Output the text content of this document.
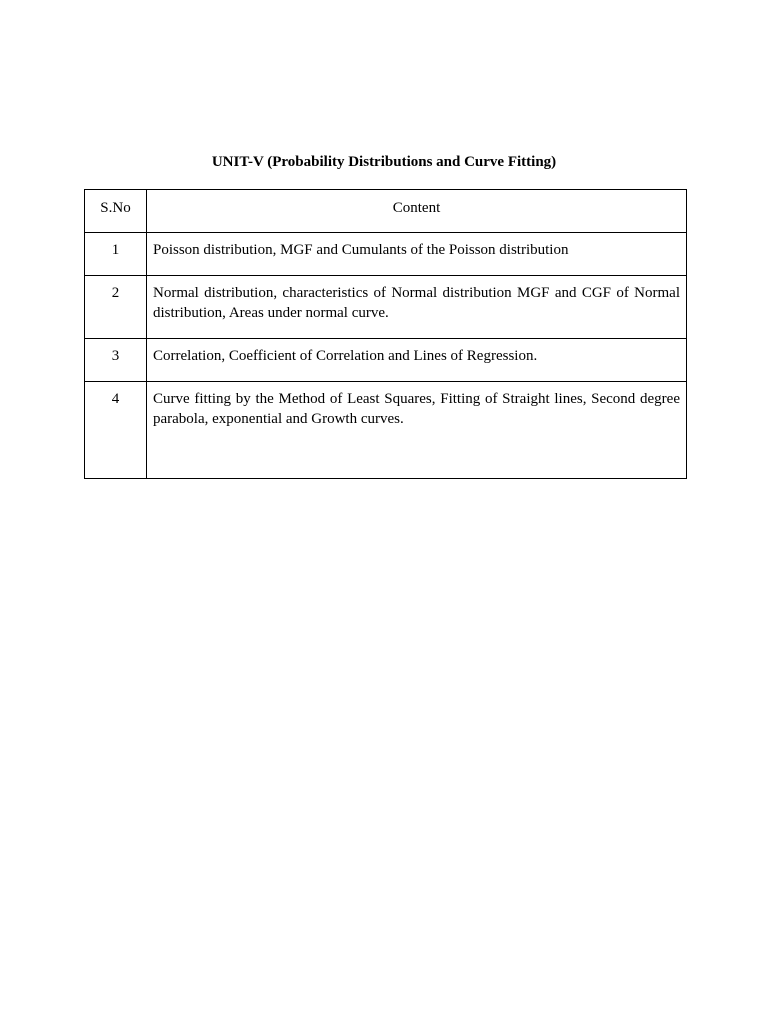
UNIT-V (Probability Distributions and Curve Fitting)
S.No	Content
1	Poisson distribution, MGF and Cumulants of the Poisson distribution
2	Normal distribution, characteristics of Normal distribution MGF and CGF of Normal distribution, Areas under normal curve.
3	Correlation, Coefficient of Correlation and Lines of Regression.
4	Curve fitting by the Method of Least Squares, Fitting of Straight lines, Second degree parabola, exponential and Growth curves.
